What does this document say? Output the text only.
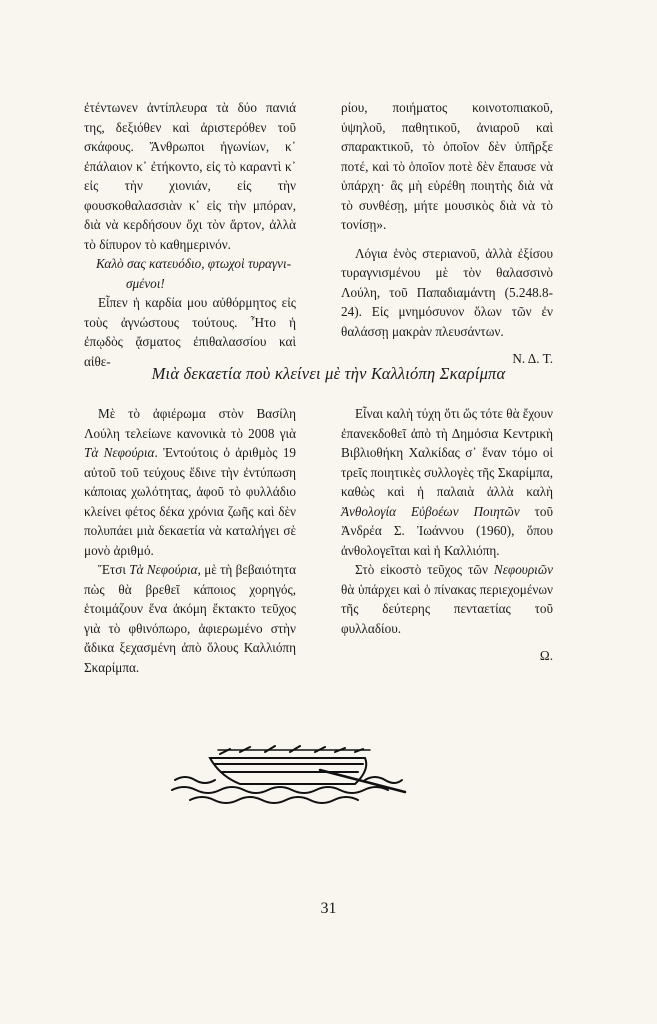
ἐτέντωνεν ἀντίπλευρα τὰ δύο πανιά της, δεξιόθεν καὶ ἀριστερόθεν τοῦ σκάφους. Ἄνθρωποι ἠγωνίων, κ᾽ ἐπάλαιον κ᾽ ἐτήκοντο, εἰς τὸ καραντὶ κ᾽ εἰς τὴν χιονιάν, εἰς τὴν φουσκοθαλασσιὰν κ᾽ εἰς τὴν μπόραν, διὰ νὰ κερδήσουν ὄχι τὸν ἄρτον, ἀλλὰ τὸ δίπυρον τὸ καθημερινόν.

Καλὸ σας κατευόδιο, φτωχοὶ τυραγνι-

σμένοι!

Εἶπεν ἡ καρδία μου αὐθόρμητος εἰς τοὺς ἀγνώστους τούτους. Ἦτο ἡ ἐπῳδὸς ᾄσματος ἐπιθαλασσίου καὶ αἰθε-

ρίου, ποιήματος κοινοτοπιακοῦ, ὑψηλοῦ, παθητικοῦ, ἀνιαροῦ καὶ σπαρακτικοῦ, τὸ ὁποῖον δὲν ὑπῆρξε ποτέ, καὶ τὸ ὁποῖον ποτὲ δὲν ἔπαυσε νὰ ὑπάρχη· ἂς μὴ εὑρέθη ποιητὴς διὰ νὰ τὸ συνθέσῃ, μήτε μουσικὸς διὰ νὰ τὸ τονίσῃ».

Λόγια ἑνὸς στεριανοῦ, ἀλλὰ ἐξίσου τυραγνισμένου μὲ τὸν θαλασσινὸ Λούλη, τοῦ Παπαδιαμάντη (5.248.8-24). Εἰς μνημόσυνον ὅλων τῶν ἐν θαλάσσῃ μακρὰν πλευσάντων.

Ν. Δ. Τ.

Μιὰ δεκαετία ποὺ κλείνει μὲ τὴν Καλλιόπη Σκαρίμπα

Μὲ τὸ ἀφιέρωμα στὸν Βασίλη Λούλη τελείωνε κανονικὰ τὸ 2008 γιὰ Τὰ Νεφούρια. Ἐντούτοις ὁ ἀριθμὸς 19 αὐτοῦ τοῦ τεύχους ἔδινε τὴν ἐντύπωση κάποιας χωλότητας, ἀφοῦ τὸ φυλλάδιο κλείνει φέτος δέκα χρόνια ζωῆς καὶ δὲν πολυπάει μιὰ δεκαετία νὰ καταλήγει σὲ μονὸ ἀριθμό.

Ἔτσι Τὰ Νεφούρια, μὲ τὴ βεβαιότητα πὼς θὰ βρεθεῖ κάποιος χορηγός, ἑτοιμάζουν ἕνα ἀκόμη ἔκτακτο τεῦχος γιὰ τὸ φθινόπωρο, ἀφιερωμένο στὴν ἄδικα ξεχασμένη ἀπὸ ὅλους Καλλιόπη Σκαρίμπα.

Εἶναι καλὴ τύχη ὅτι ὥς τότε θὰ ἔχουν ἐπανεκδοθεῖ ἀπὸ τὴ Δημόσια Κεντρικὴ Βιβλιοθήκη Χαλκίδας σ᾽ ἕναν τόμο οἱ τρεῖς ποιητικὲς συλλογὲς τῆς Σκαρίμπα, καθὼς καὶ ἡ παλαιὰ ἀλλὰ καλὴ Ἀνθολογία Εὐβοέων Ποιητῶν τοῦ Ἀνδρέα Σ. Ἰωάννου (1960), ὅπου ἀνθολογεῖται καὶ ἡ Καλλιόπη.

Στὸ εἰκοστὸ τεῦχος τῶν Νεφουριῶν θὰ ὑπάρχει καὶ ὁ πίνακας περιεχομένων τῆς δεύτερης πενταετίας τοῦ φυλλαδίου.

Ω.

31
